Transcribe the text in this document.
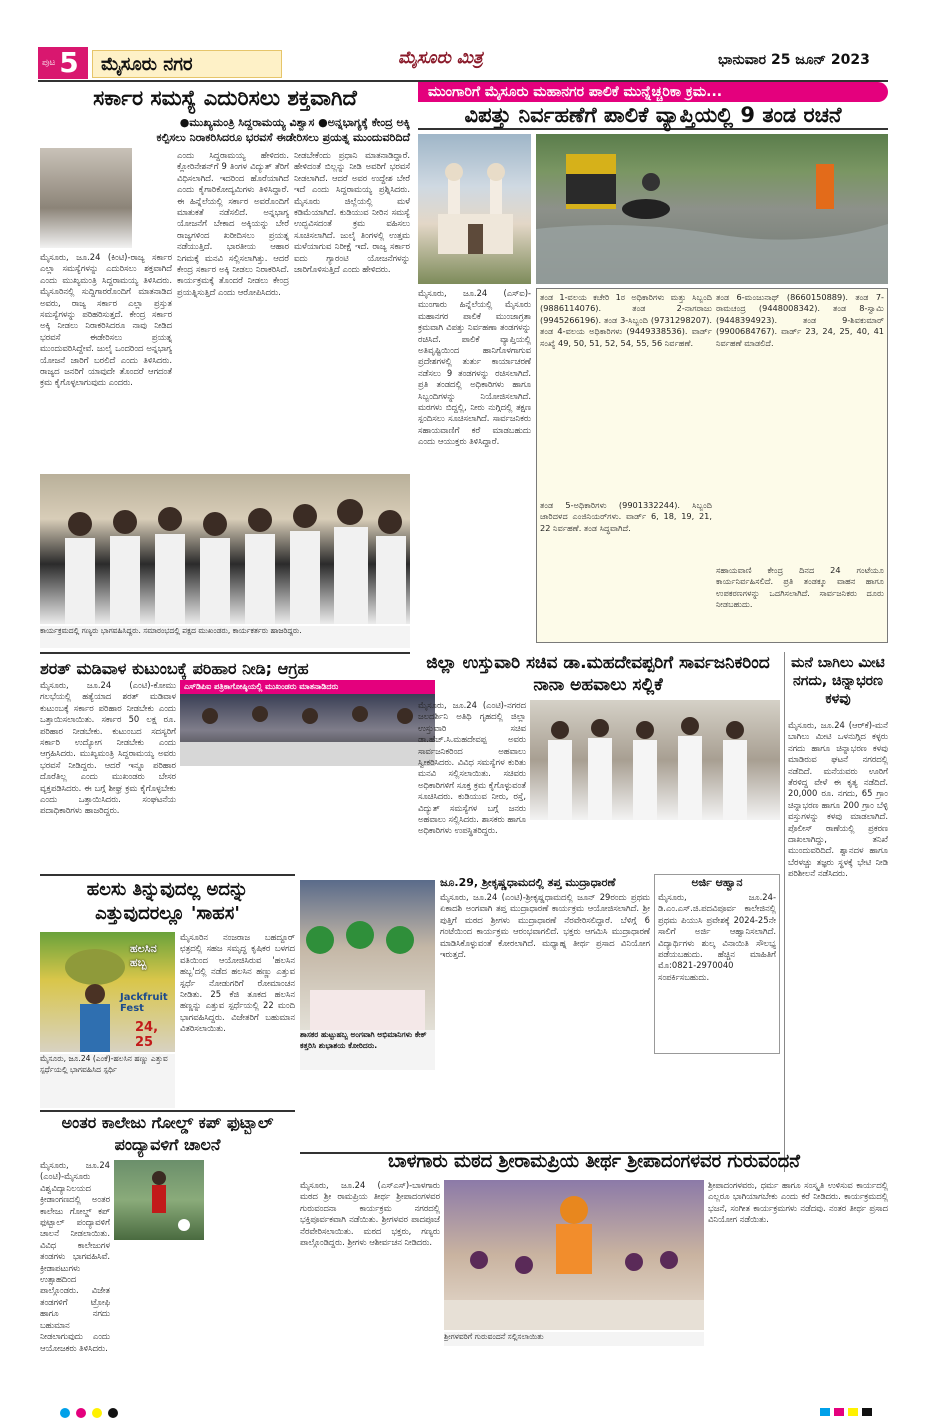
ಪುಟ 5	ಮೈಸೂರು ನಗರ	ಮೈಸೂರು ಮಿತ್ರ	ಭಾನುವಾರ 25 ಜೂನ್ 2023
ಸರ್ಕಾರ ಸಮಸ್ಯೆ ಎದುರಿಸಲು ಶಕ್ತವಾಗಿದೆ
●ಮುಖ್ಯಮಂತ್ರಿ ಸಿದ್ದರಾಮಯ್ಯ ವಿಶ್ವಾಸ ●ಅನ್ನಭಾಗ್ಯಕ್ಕೆ ಕೇಂದ್ರ ಅಕ್ಕಿ
ಕಲ್ಪಿಸಲು ನಿರಾಕರಿಸಿದರೂ ಭರವಸೆ ಈಡೇರಿಸಲು ಪ್ರಯತ್ನ ಮುಂದುವರಿದಿದೆ
ಮೈಸೂರು, ಜೂ.24 (ಕಿಂಟಿ)-ರಾಜ್ಯ ಸರ್ಕಾರ ಎಲ್ಲಾ ಸಮಸ್ಯೆಗಳನ್ನು ಎದುರಿಸಲು ಶಕ್ತವಾಗಿದೆ ಎಂದು ಮುಖ್ಯಮಂತ್ರಿ ಸಿದ್ದರಾಮಯ್ಯ ತಿಳಿಸಿದರು. ಮೈಸೂರಿನಲ್ಲಿ ಸುದ್ದಿಗಾರರೊಂದಿಗೆ ಮಾತನಾಡಿದ ಅವರು, ರಾಜ್ಯ ಸರ್ಕಾರ ಎಲ್ಲಾ ಪ್ರಸ್ತುತ ಸಮಸ್ಯೆಗಳನ್ನು ಪರಿಹರಿಸುತ್ತದೆ. ಕೇಂದ್ರ ಸರ್ಕಾರ ಅಕ್ಕಿ ನೀಡಲು ನಿರಾಕರಿಸಿದರೂ ನಾವು ನೀಡಿದ ಭರವಸೆ ಈಡೇರಿಸಲು ಪ್ರಯತ್ನ ಮುಂದುವರಿಸಿದ್ದೇವೆ. ಜುಲೈ ಒಂದರಿಂದ ಅನ್ನಭಾಗ್ಯ ಯೋಜನೆ ಜಾರಿಗೆ ಬರಲಿದೆ ಎಂದು ತಿಳಿಸಿದರು. ರಾಜ್ಯದ ಜನರಿಗೆ ಯಾವುದೇ ತೊಂದರೆ ಆಗದಂತೆ ಕ್ರಮ ಕೈಗೊಳ್ಳಲಾಗುವುದು ಎಂದರು.
ಎಂದು ಸಿದ್ದರಾಮಯ್ಯ ಹೇಳಿದರು. ಕ್ಲೋರಿನೇಶನ್‌ಗೆ 9 ತಿಂಗಳ ವಿದ್ಯುತ್ ತೆರಿಗೆ ವಿಧಿಸಲಾಗಿದೆ. ಇದರಿಂದ ಹೊರೆಯಾಗಿದೆ ಎಂದು ಕೈಗಾರಿಕೋದ್ಯಮಿಗಳು ತಿಳಿಸಿದ್ದಾರೆ. ಈ ಹಿನ್ನೆಲೆಯಲ್ಲಿ ಸರ್ಕಾರ ಅವರೊಂದಿಗೆ ಮಾತುಕತೆ ನಡೆಸಲಿದೆ. ಅನ್ನಭಾಗ್ಯ ಯೋಜನೆಗೆ ಬೇಕಾದ ಅಕ್ಕಿಯನ್ನು ಬೇರೆ ರಾಜ್ಯಗಳಿಂದ ಖರೀದಿಸಲು ಪ್ರಯತ್ನ ನಡೆಯುತ್ತಿದೆ. ಭಾರತೀಯ ಆಹಾರ ನಿಗಮಕ್ಕೆ ಮನವಿ ಸಲ್ಲಿಸಲಾಗಿತ್ತು. ಆದರೆ ಕೇಂದ್ರ ಸರ್ಕಾರ ಅಕ್ಕಿ ನೀಡಲು ನಿರಾಕರಿಸಿದೆ. ಕಾರ್ಯಕ್ರಮಕ್ಕೆ ತೊಂದರೆ ನೀಡಲು ಕೇಂದ್ರ ಪ್ರಯತ್ನಿಸುತ್ತಿದೆ ಎಂದು ಆರೋಪಿಸಿದರು.
ನೀಡಬೇಕೆಂದು ಪ್ರಧಾನಿ ಮಾತನಾಡಿದ್ದಾರೆ. ಹೇಳಿದಂತೆ ಬಿಲ್ಲನ್ನು ನೀಡಿ ಅವರಿಗೆ ಭರವಸೆ ನೀಡಲಾಗಿದೆ. ಆದರೆ ಅವರ ಉದ್ದೇಶ ಬೇರೆ ಇದೆ ಎಂದು ಸಿದ್ದರಾಮಯ್ಯ ಪ್ರಶ್ನಿಸಿದರು. ಮೈಸೂರು ಜಿಲ್ಲೆಯಲ್ಲಿ ಮಳೆ ಕಡಿಮೆಯಾಗಿದೆ. ಕುಡಿಯುವ ನೀರಿನ ಸಮಸ್ಯೆ ಉದ್ಭವಿಸದಂತೆ ಕ್ರಮ ವಹಿಸಲು ಸೂಚಿಸಲಾಗಿದೆ. ಜುಲೈ ತಿಂಗಳಲ್ಲಿ ಉತ್ತಮ ಮಳೆಯಾಗುವ ನಿರೀಕ್ಷೆ ಇದೆ. ರಾಜ್ಯ ಸರ್ಕಾರ ಐದು ಗ್ಯಾರಂಟಿ ಯೋಜನೆಗಳನ್ನು ಜಾರಿಗೊಳಿಸುತ್ತಿದೆ ಎಂದು ಹೇಳಿದರು.
ಕಾರ್ಯಕ್ರಮದಲ್ಲಿ ಗಣ್ಯರು ಭಾಗವಹಿಸಿದ್ದರು. ಸಮಾರಂಭದಲ್ಲಿ ಪಕ್ಷದ ಮುಖಂಡರು, ಕಾರ್ಯಕರ್ತರು ಹಾಜರಿದ್ದರು.
ಮುಂಗಾರಿಗೆ ಮೈಸೂರು ಮಹಾನಗರ ಪಾಲಿಕೆ ಮುನ್ನೆಚ್ಚರಿಕಾ ಕ್ರಮ...
ವಿಪತ್ತು ನಿರ್ವಹಣೆಗೆ ಪಾಲಿಕೆ ವ್ಯಾಪ್ತಿಯಲ್ಲಿ 9 ತಂಡ ರಚನೆ
ಮೈಸೂರು, ಜೂ.24 (ಎಸ್‌ಐ)-ಮುಂಗಾರು ಹಿನ್ನೆಲೆಯಲ್ಲಿ ಮೈಸೂರು ಮಹಾನಗರ ಪಾಲಿಕೆ ಮುಂಜಾಗ್ರತಾ ಕ್ರಮವಾಗಿ ವಿಪತ್ತು ನಿರ್ವಹಣಾ ತಂಡಗಳನ್ನು ರಚಿಸಿದೆ. ಪಾಲಿಕೆ ವ್ಯಾಪ್ತಿಯಲ್ಲಿ ಅತಿವೃಷ್ಟಿಯಿಂದ ಹಾನಿಗೊಳಗಾಗುವ ಪ್ರದೇಶಗಳಲ್ಲಿ ತುರ್ತು ಕಾರ್ಯಾಚರಣೆ ನಡೆಸಲು 9 ತಂಡಗಳನ್ನು ರಚಿಸಲಾಗಿದೆ. ಪ್ರತಿ ತಂಡದಲ್ಲಿ ಅಧಿಕಾರಿಗಳು ಹಾಗೂ ಸಿಬ್ಬಂದಿಗಳನ್ನು ನಿಯೋಜಿಸಲಾಗಿದೆ. ಮರಗಳು ಬಿದ್ದಲ್ಲಿ, ನೀರು ನುಗ್ಗಿದಲ್ಲಿ ತಕ್ಷಣ ಸ್ಪಂದಿಸಲು ಸೂಚಿಸಲಾಗಿದೆ. ಸಾರ್ವಜನಿಕರು ಸಹಾಯವಾಣಿಗೆ ಕರೆ ಮಾಡಬಹುದು ಎಂದು ಆಯುಕ್ತರು ತಿಳಿಸಿದ್ದಾರೆ.
ತಂಡ 1-ವಲಯ ಕಚೇರಿ 1ರ ಅಧಿಕಾರಿಗಳು ಮತ್ತು ಸಿಬ್ಬಂದಿ (9886114076). ತಂಡ 2-ನಾಗರಾಜು (9945266196). ತಂಡ 3-ಸಿಬ್ಬಂದಿ (9731298207). ತಂಡ 4-ವಲಯ ಅಧಿಕಾರಿಗಳು (9449338536). ವಾರ್ಡ್ ಸಂಖ್ಯೆ 49, 50, 51, 52, 54, 55, 56 ನಿರ್ವಹಣೆ.
ತಂಡ 5-ಅಧಿಕಾರಿಗಳು (9901332244). ಸಿಬ್ಬಂದಿ ಜಾರಿದಳದ ಎಂಜಿನಿಯರ್‌ಗಳು. ವಾರ್ಡ್ 6, 18, 19, 21, 22 ನಿರ್ವಹಣೆ. ತಂಡ ಸಿದ್ಧವಾಗಿದೆ.
ತಂಡ 6-ಮಂಜುನಾಥ್ (8660150889). ತಂಡ 7-ರಾಮಚಂದ್ರ (9448008342). ತಂಡ 8-ಸ್ವಾಮಿ (9448394923). ತಂಡ 9-ಶಿವಕುಮಾರ್ (9900684767). ವಾರ್ಡ್ 23, 24, 25, 40, 41 ನಿರ್ವಹಣೆ ಮಾಡಲಿದೆ.
ಸಹಾಯವಾಣಿ ಕೇಂದ್ರ ದಿನದ 24 ಗಂಟೆಯೂ ಕಾರ್ಯನಿರ್ವಹಿಸಲಿದೆ. ಪ್ರತಿ ತಂಡಕ್ಕೂ ವಾಹನ ಹಾಗೂ ಉಪಕರಣಗಳನ್ನು ಒದಗಿಸಲಾಗಿದೆ. ಸಾರ್ವಜನಿಕರು ದೂರು ನೀಡಬಹುದು.
ಶರತ್ ಮಡಿವಾಳ ಕುಟುಂಬಕ್ಕೆ ಪರಿಹಾರ ನೀಡಿ; ಆಗ್ರಹ
ಮೈಸೂರು, ಜೂ.24 (ಎಂಟಿ)-ಕೋಮು ಗಲಭೆಯಲ್ಲಿ ಹತ್ಯೆಯಾದ ಶರತ್ ಮಡಿವಾಳ ಕುಟುಂಬಕ್ಕೆ ಸರ್ಕಾರ ಪರಿಹಾರ ನೀಡಬೇಕು ಎಂದು ಒತ್ತಾಯಿಸಲಾಯಿತು. ಸರ್ಕಾರ 50 ಲಕ್ಷ ರೂ. ಪರಿಹಾರ ನೀಡಬೇಕು. ಕುಟುಂಬದ ಸದಸ್ಯರಿಗೆ ಸರ್ಕಾರಿ ಉದ್ಯೋಗ ನೀಡಬೇಕು ಎಂದು ಆಗ್ರಹಿಸಿದರು. ಮುಖ್ಯಮಂತ್ರಿ ಸಿದ್ದರಾಮಯ್ಯ ಅವರು ಭರವಸೆ ನೀಡಿದ್ದರು. ಆದರೆ ಇನ್ನೂ ಪರಿಹಾರ ದೊರೆತಿಲ್ಲ ಎಂದು ಮುಖಂಡರು ಬೇಸರ ವ್ಯಕ್ತಪಡಿಸಿದರು. ಈ ಬಗ್ಗೆ ಶೀಘ್ರ ಕ್ರಮ ಕೈಗೊಳ್ಳಬೇಕು ಎಂದು ಒತ್ತಾಯಿಸಿದರು. ಸಂಘಟನೆಯ ಪದಾಧಿಕಾರಿಗಳು ಹಾಜರಿದ್ದರು.
ಎಸ್‌ಡಿಪಿಐ ಪತ್ರಿಕಾಗೋಷ್ಠಿಯಲ್ಲಿ ಮುಖಂಡರು ಮಾತನಾಡಿದರು
ಜಿಲ್ಲಾ ಉಸ್ತುವಾರಿ ಸಚಿವ ಡಾ.ಮಹದೇವಪ್ಪರಿಗೆ ಸಾರ್ವಜನಿಕರಿಂದ ನಾನಾ ಅಹವಾಲು ಸಲ್ಲಿಕೆ
ಮೈಸೂರು, ಜೂ.24 (ಎಂಟಿ)-ನಗರದ ಜಲದರ್ಶಿನಿ ಅತಿಥಿ ಗೃಹದಲ್ಲಿ ಜಿಲ್ಲಾ ಉಸ್ತುವಾರಿ ಸಚಿವ ಡಾ.ಹೆಚ್.ಸಿ.ಮಹದೇವಪ್ಪ ಅವರು ಸಾರ್ವಜನಿಕರಿಂದ ಅಹವಾಲು ಸ್ವೀಕರಿಸಿದರು. ವಿವಿಧ ಸಮಸ್ಯೆಗಳ ಕುರಿತು ಮನವಿ ಸಲ್ಲಿಸಲಾಯಿತು. ಸಚಿವರು ಅಧಿಕಾರಿಗಳಿಗೆ ಸೂಕ್ತ ಕ್ರಮ ಕೈಗೊಳ್ಳುವಂತೆ ಸೂಚಿಸಿದರು. ಕುಡಿಯುವ ನೀರು, ರಸ್ತೆ, ವಿದ್ಯುತ್ ಸಮಸ್ಯೆಗಳ ಬಗ್ಗೆ ಜನರು ಅಹವಾಲು ಸಲ್ಲಿಸಿದರು. ಶಾಸಕರು ಹಾಗೂ ಅಧಿಕಾರಿಗಳು ಉಪಸ್ಥಿತರಿದ್ದರು.
ಮನೆ ಬಾಗಿಲು ಮೀಟಿ ನಗದು, ಚಿನ್ನಾಭರಣ ಕಳವು
ಮೈಸೂರು, ಜೂ.24 (ಆರ್‌ಕೆ)-ಮನೆ ಬಾಗಿಲು ಮೀಟಿ ಒಳನುಗ್ಗಿದ ಕಳ್ಳರು ನಗದು ಹಾಗೂ ಚಿನ್ನಾಭರಣ ಕಳವು ಮಾಡಿರುವ ಘಟನೆ ನಗರದಲ್ಲಿ ನಡೆದಿದೆ. ಮನೆಯವರು ಊರಿಗೆ ತೆರಳಿದ್ದ ವೇಳೆ ಈ ಕೃತ್ಯ ನಡೆದಿದೆ. 20,000 ರೂ. ನಗದು, 65 ಗ್ರಾಂ ಚಿನ್ನಾಭರಣ ಹಾಗೂ 200 ಗ್ರಾಂ ಬೆಳ್ಳಿ ವಸ್ತುಗಳನ್ನು ಕಳವು ಮಾಡಲಾಗಿದೆ. ಪೊಲೀಸ್ ಠಾಣೆಯಲ್ಲಿ ಪ್ರಕರಣ ದಾಖಲಾಗಿದ್ದು, ತನಿಖೆ ಮುಂದುವರಿದಿದೆ. ಶ್ವಾನದಳ ಹಾಗೂ ಬೆರಳಚ್ಚು ತಜ್ಞರು ಸ್ಥಳಕ್ಕೆ ಭೇಟಿ ನೀಡಿ ಪರಿಶೀಲನೆ ನಡೆಸಿದರು.
ಹಲಸು ತಿನ್ನುವುದಲ್ಲ ಅದನ್ನು ಎತ್ತುವುದರಲ್ಲೂ 'ಸಾಹಸ'
ಹಲಸಿನ ಹಬ್ಬ
Jackfruit Fest
24, 25
ಮೈಸೂರು, ಜೂ.24 (ಎಂಕೆ)-ಹಲಸಿನ ಹಣ್ಣು ಎತ್ತುವ ಸ್ಪರ್ಧೆಯಲ್ಲಿ ಭಾಗವಹಿಸಿದ ಸ್ಪರ್ಧಿ
ಮೈಸೂರಿನ ನಂಜರಾಜ ಬಹದ್ದೂರ್ ಛತ್ರದಲ್ಲಿ ಸಹಜ ಸಮೃದ್ಧ ಕೃಷಿಕರ ಬಳಗದ ವತಿಯಿಂದ ಆಯೋಜಿಸಿರುವ 'ಹಲಸಿನ ಹಬ್ಬ'ದಲ್ಲಿ ನಡೆದ ಹಲಸಿನ ಹಣ್ಣು ಎತ್ತುವ ಸ್ಪರ್ಧೆ ನೋಡುಗರಿಗೆ ರೋಮಾಂಚನ ನೀಡಿತು. 25 ಕೆಜಿ ತೂಕದ ಹಲಸಿನ ಹಣ್ಣನ್ನು ಎತ್ತುವ ಸ್ಪರ್ಧೆಯಲ್ಲಿ 22 ಮಂದಿ ಭಾಗವಹಿಸಿದ್ದರು. ವಿಜೇತರಿಗೆ ಬಹುಮಾನ ವಿತರಿಸಲಾಯಿತು.
ಶಾಸಕರ ಹುಟ್ಟುಹಬ್ಬ ಅಂಗವಾಗಿ ಅಭಿಮಾನಿಗಳು ಕೇಕ್ ಕತ್ತರಿಸಿ ಶುಭಾಶಯ ಕೋರಿದರು.
ಜೂ.29, ಶ್ರೀಕೃಷ್ಣಧಾಮದಲ್ಲಿ ತಪ್ತ ಮುದ್ರಾಧಾರಣೆ
ಮೈಸೂರು, ಜೂ.24 (ಎಂಟಿ)-ಶ್ರೀಕೃಷ್ಣಧಾಮದಲ್ಲಿ ಜೂನ್ 29ರಂದು ಪ್ರಥಮ ಏಕಾದಶಿ ಅಂಗವಾಗಿ ತಪ್ತ ಮುದ್ರಾಧಾರಣೆ ಕಾರ್ಯಕ್ರಮ ಆಯೋಜಿಸಲಾಗಿದೆ. ಶ್ರೀ ಪುತ್ತಿಗೆ ಮಠದ ಶ್ರೀಗಳು ಮುದ್ರಾಧಾರಣೆ ನೆರವೇರಿಸಲಿದ್ದಾರೆ. ಬೆಳಿಗ್ಗೆ 6 ಗಂಟೆಯಿಂದ ಕಾರ್ಯಕ್ರಮ ಆರಂಭವಾಗಲಿದೆ. ಭಕ್ತರು ಆಗಮಿಸಿ ಮುದ್ರಾಧಾರಣೆ ಮಾಡಿಸಿಕೊಳ್ಳುವಂತೆ ಕೋರಲಾಗಿದೆ. ಮಧ್ಯಾಹ್ನ ತೀರ್ಥ ಪ್ರಸಾದ ವಿನಿಯೋಗ ಇರುತ್ತದೆ.
ಅರ್ಜಿ ಆಹ್ವಾನ
ಮೈಸೂರು, ಜೂ.24-ಡಿ.ಎಂ.ಎಸ್.ಜಿ.ಪದವಿಪೂರ್ವ ಕಾಲೇಜಿನಲ್ಲಿ ಪ್ರಥಮ ಪಿಯುಸಿ ಪ್ರವೇಶಕ್ಕೆ 2024-25ನೇ ಸಾಲಿಗೆ ಅರ್ಜಿ ಆಹ್ವಾನಿಸಲಾಗಿದೆ. ವಿದ್ಯಾರ್ಥಿಗಳು ಶುಲ್ಕ ವಿನಾಯಿತಿ ಸೌಲಭ್ಯ ಪಡೆಯಬಹುದು. ಹೆಚ್ಚಿನ ಮಾಹಿತಿಗೆ ಮೊ:0821-2970040 ಸಂಪರ್ಕಿಸಬಹುದು.
ಬಾಳಗಾರು ಮಠದ ಶ್ರೀರಾಮಪ್ರಿಯ ತೀರ್ಥ ಶ್ರೀಪಾದಂಗಳವರ ಗುರುವಂದನೆ
ಮೈಸೂರು, ಜೂ.24 (ಎಸ್‌ಎಸ್)-ಬಾಳಗಾರು ಮಠದ ಶ್ರೀ ರಾಮಪ್ರಿಯ ತೀರ್ಥ ಶ್ರೀಪಾದಂಗಳವರ ಗುರುವಂದನಾ ಕಾರ್ಯಕ್ರಮ ನಗರದಲ್ಲಿ ಭಕ್ತಿಪೂರ್ವಕವಾಗಿ ನಡೆಯಿತು. ಶ್ರೀಗಳವರ ಪಾದಪೂಜೆ ನೆರವೇರಿಸಲಾಯಿತು. ಮಠದ ಭಕ್ತರು, ಗಣ್ಯರು ಪಾಲ್ಗೊಂಡಿದ್ದರು. ಶ್ರೀಗಳು ಆಶೀರ್ವಚನ ನೀಡಿದರು.
ಶ್ರೀಗಳವರಿಗೆ ಗುರುವಂದನೆ ಸಲ್ಲಿಸಲಾಯಿತು
ಶ್ರೀಪಾದಂಗಳವರು, ಧರ್ಮ ಹಾಗೂ ಸಂಸ್ಕೃತಿ ಉಳಿಸುವ ಕಾರ್ಯದಲ್ಲಿ ಎಲ್ಲರೂ ಭಾಗಿಯಾಗಬೇಕು ಎಂದು ಕರೆ ನೀಡಿದರು. ಕಾರ್ಯಕ್ರಮದಲ್ಲಿ ಭಜನೆ, ಸಂಗೀತ ಕಾರ್ಯಕ್ರಮಗಳು ನಡೆದವು. ನಂತರ ತೀರ್ಥ ಪ್ರಸಾದ ವಿನಿಯೋಗ ನಡೆಯಿತು.
ಅಂತರ ಕಾಲೇಜು ಗೋಲ್ಡ್ ಕಪ್ ಫುಟ್ಬಾಲ್ ಪಂದ್ಯಾವಳಿಗೆ ಚಾಲನೆ
ಮೈಸೂರು, ಜೂ.24 (ಎಂಟಿ)-ಮೈಸೂರು ವಿಶ್ವವಿದ್ಯಾನಿಲಯದ ಕ್ರೀಡಾಂಗಣದಲ್ಲಿ ಅಂತರ ಕಾಲೇಜು ಗೋಲ್ಡ್ ಕಪ್ ಫುಟ್ಬಾಲ್ ಪಂದ್ಯಾವಳಿಗೆ ಚಾಲನೆ ನೀಡಲಾಯಿತು. ವಿವಿಧ ಕಾಲೇಜುಗಳ ತಂಡಗಳು ಭಾಗವಹಿಸಿವೆ. ಕ್ರೀಡಾಪಟುಗಳು ಉತ್ಸಾಹದಿಂದ ಪಾಲ್ಗೊಂಡರು. ವಿಜೇತ ತಂಡಗಳಿಗೆ ಟ್ರೋಫಿ ಹಾಗೂ ನಗದು ಬಹುಮಾನ ನೀಡಲಾಗುವುದು ಎಂದು ಆಯೋಜಕರು ತಿಳಿಸಿದರು.
